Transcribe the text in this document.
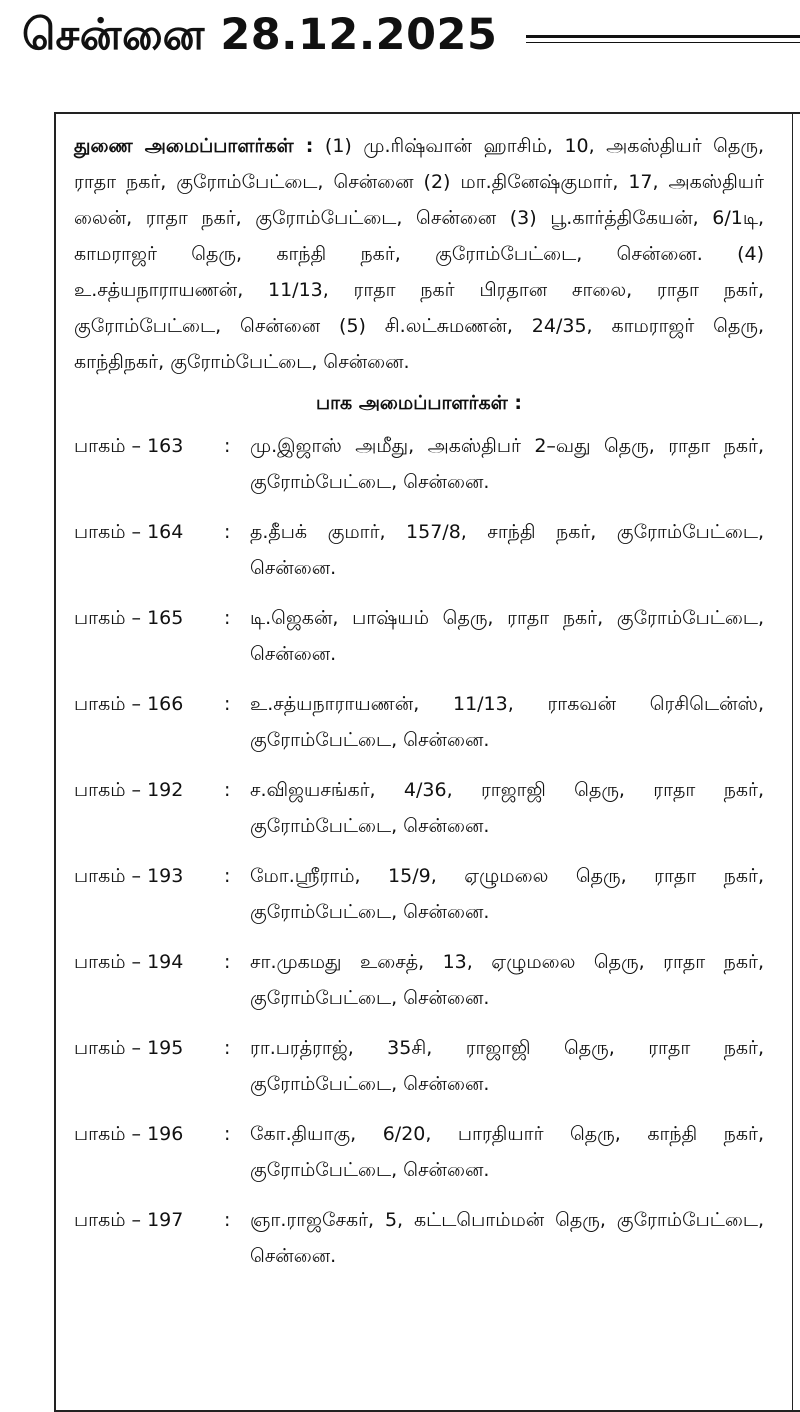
சென்னை 28.12.2025

துணை அமைப்பாளர்கள் : (1) மு.ரிஷ்வான் ஹாசிம், 10, அகஸ்தியர் தெரு, ராதா நகர், குரோம்பேட்டை, சென்னை (2) மா.தினேஷ்குமார், 17, அகஸ்தியர் லைன், ராதா நகர், குரோம்பேட்டை, சென்னை (3) பூ.கார்த்திகேயன், 6/1டி, காமராஜர் தெரு, காந்தி நகர், குரோம்பேட்டை, சென்னை. (4) உ.சத்யநாராயணன், 11/13, ராதா நகர் பிரதான சாலை, ராதா நகர், குரோம்பேட்டை, சென்னை (5) சி.லட்சுமணன், 24/35, காமராஜர் தெரு, காந்திநகர், குரோம்பேட்டை, சென்னை.

பாக அமைப்பாளர்கள் :
பாகம் – 163	:	மு.இஜாஸ் அமீது, அகஸ்திபர் 2–வது தெரு, ராதா நகர், குரோம்பேட்டை, சென்னை.
பாகம் – 164	:	த.தீபக் குமார், 157/8, சாந்தி நகர், குரோம்பேட்டை, சென்னை.
பாகம் – 165	:	டி.ஜெகன், பாஷ்யம் தெரு, ராதா நகர், குரோம்பேட்டை, சென்னை.
பாகம் – 166	:	உ.சத்யநாராயணன், 11/13, ராகவன் ரெசிடென்ஸ், குரோம்பேட்டை, சென்னை.
பாகம் – 192	:	ச.விஜயசங்கர், 4/36, ராஜாஜி தெரு, ராதா நகர், குரோம்பேட்டை, சென்னை.
பாகம் – 193	:	மோ.ஸ்ரீராம், 15/9, ஏழுமலை தெரு, ராதா நகர், குரோம்பேட்டை, சென்னை.
பாகம் – 194	:	சா.முகமது உசைத், 13, ஏழுமலை தெரு, ராதா நகர், குரோம்பேட்டை, சென்னை.
பாகம் – 195	:	ரா.பரத்ராஜ், 35சி, ராஜாஜி தெரு, ராதா நகர், குரோம்பேட்டை, சென்னை.
பாகம் – 196	:	கோ.தியாகு, 6/20, பாரதியார் தெரு, காந்தி நகர், குரோம்பேட்டை, சென்னை.
பாகம் – 197	:	ஞா.ராஜசேகர், 5, கட்டபொம்மன் தெரு, குரோம்பேட்டை, சென்னை.
